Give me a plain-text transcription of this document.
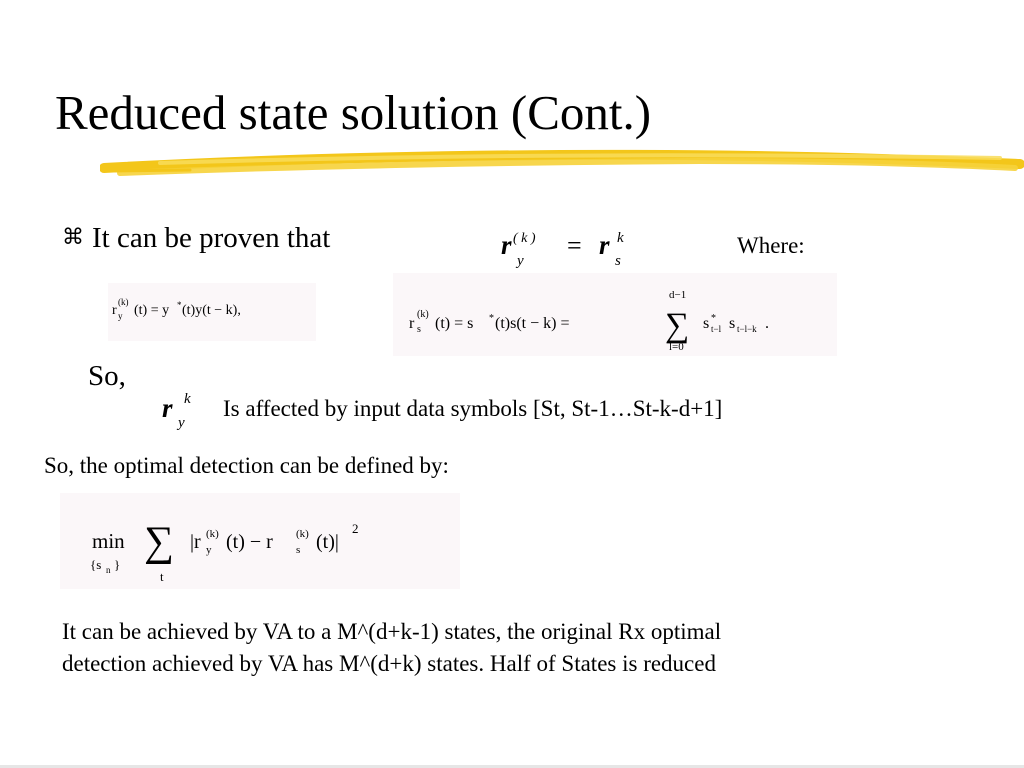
Reduced state solution (Cont.)
⌘ It can be proven that	r
y
( k ) = r
s
k	Where:
r y
(k)
(t) = y * (t)y(t − k),
r s
(k)
(t) = s * (t)s(t − k) =
d−1
∑
l=0
s *
t−l s t−l−k .
So,
r y
k Is affected by input data symbols [St, St-1…St-k-d+1]
So, the optimal detection can be defined by:
min
{s n } ∑
t
|r y
(k) (t) − r s
(k) (t)|
2
It can be achieved by VA to a M^(d+k-1) states, the original Rx optimal
detection achieved by VA has M^(d+k) states. Half of States is reduced
